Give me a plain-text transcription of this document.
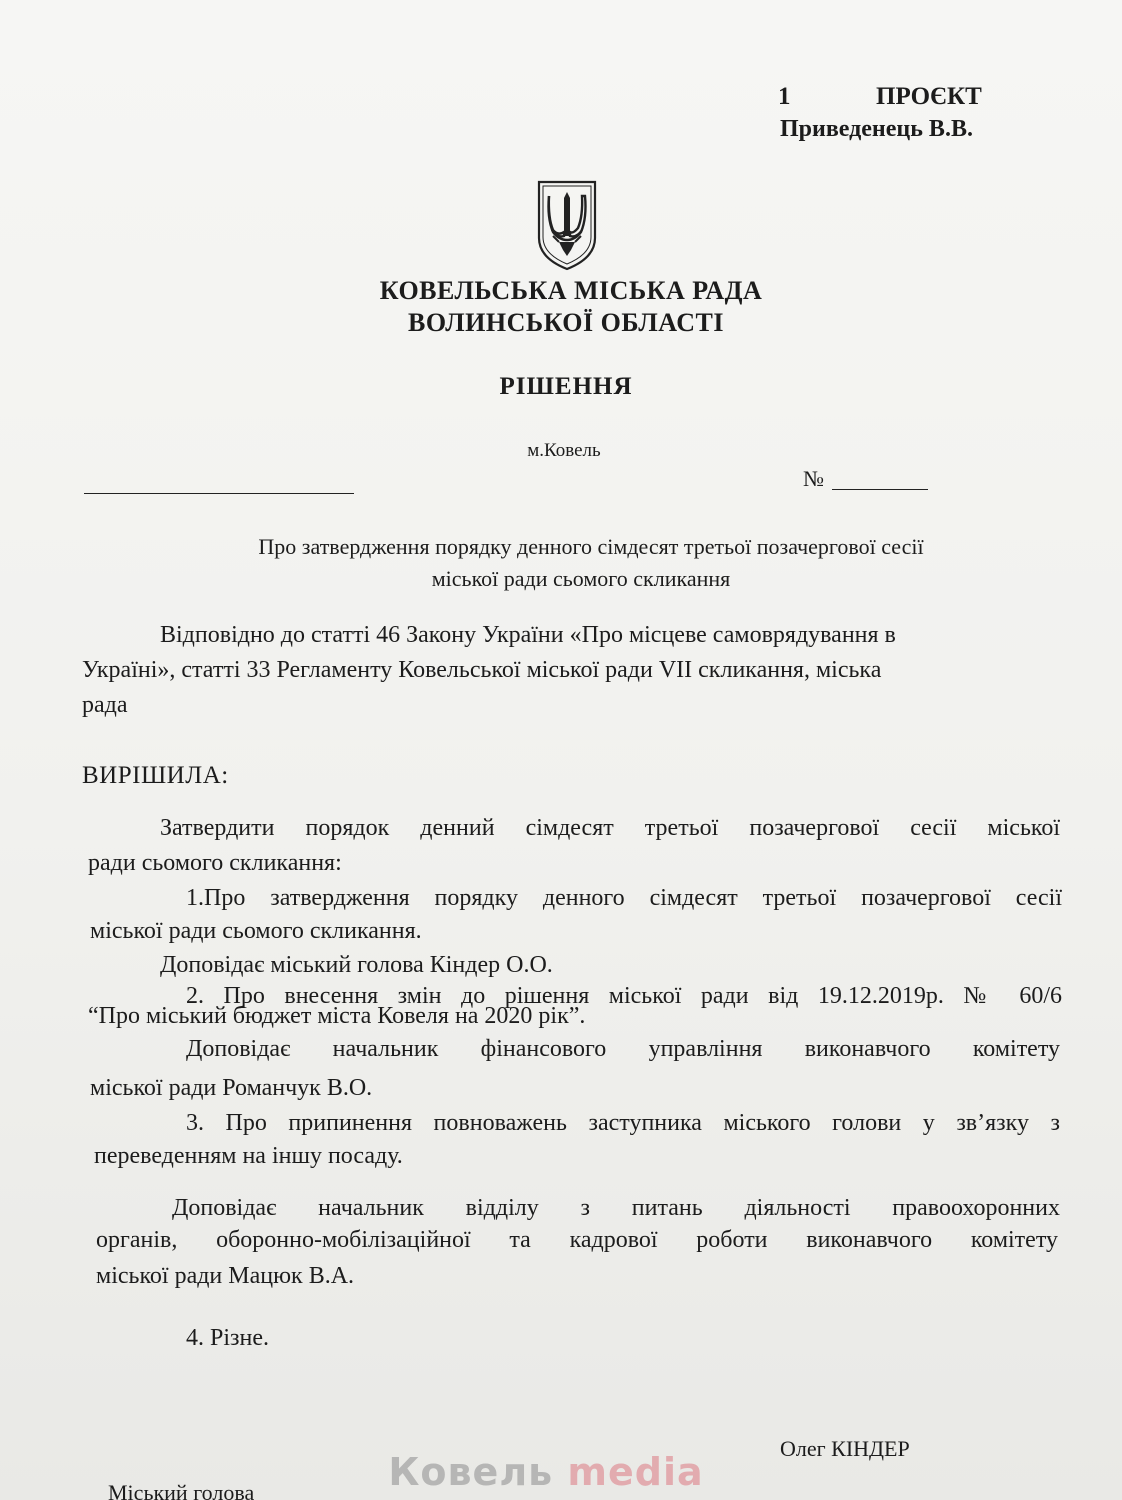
1	ПРОЄКТ
Приведенець В.В.
КОВЕЛЬСЬКА МІСЬКА РАДА
ВОЛИНСЬКОЇ ОБЛАСТІ
РІШЕННЯ
м.Ковель
№
Про затвердження порядку денного сімдесят третьої позачергової сесії
міської ради сьомого скликання
Відповідно до статті 46 Закону України «Про місцеве самоврядування в
Україні», статті 33 Регламенту Ковельської міської ради VII скликання, міська
рада
ВИРІШИЛА:
Затвердити порядок денний сімдесят третьої позачергової сесії міської
ради сьомого скликання:
1.Про затвердження порядку денного сімдесят третьої позачергової сесії
міської ради сьомого скликання.
Доповідає міський голова Кіндер О.О.
2. Про внесення змін до рішення міської ради від 19.12.2019р. № 60/6
“Про міський бюджет міста Ковеля на 2020 рік”.
Доповідає начальник фінансового управління виконавчого комітету
міської ради Романчук В.О.
3. Про припинення повноважень заступника міського голови у зв’язку з
переведенням на іншу посаду.
Доповідає начальник відділу з питань діяльності правоохоронних
органів, оборонно-мобілізаційної та кадрової роботи виконавчого комітету
міської ради Мацюк В.А.
4. Різне.
Олег КІНДЕР
Міський голова	Ковель media
